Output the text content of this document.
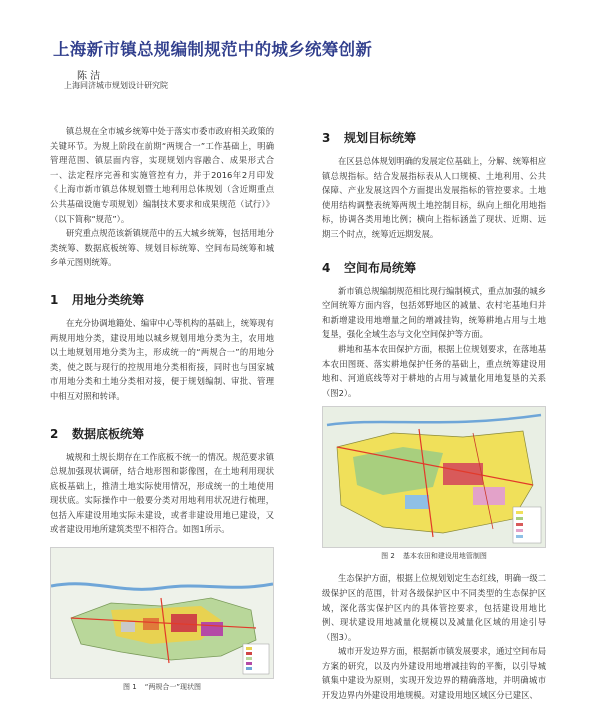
上海新市镇总规编制规范中的城乡统筹创新
陈 洁
上海同济城市规划设计研究院

镇总规在全市城乡统筹中处于落实市委市政府相关政策的关键环节。为规上阶段在前期“两规合一”工作基础上，明确管理范围、镇层面内容，实现规划内容融合、成果形式合一、法定程序完善和实施管控有力，并于2016年2月印发《上海市新市镇总体规划暨土地利用总体规划（含近期重点公共基础设施专项规划）编制技术要求和成果规范（试行）》（以下简称“规范”）。

研究重点规范该新镇规范中的五大城乡统筹，包括用地分类统筹、数据底板统筹、规划目标统筹、空间布局统筹和城乡单元图则统筹。

1 用地分类统筹

在充分协调地籍处、编审中心等机构的基础上，统筹现有两规用地分类，建设用地以城乡规划用地分类为主，农用地以土地规划用地分类为主，形成统一的“两规合一”的用地分类，使之既与现行的控规用地分类相衔接，同时也与国家城市用地分类和土地分类相对接，便于规划编制、审批、管理中相互对照和转译。

2 数据底板统筹

城规和土规长期存在工作底板不统一的情况。规范要求镇总规加强现状调研，结合地形图和影像图，在土地利用现状底板基础上，推清土地实际使用情况，形成统一的土地使用现状底。实际操作中一般要分类对用地利用状况进行梳理，包括入库建设用地实际未建设，或者非建设用地已建设，又或者建设用地所建筑类型不相符合。如图1所示。

图 1 “两规合一”现状图
3 规划目标统筹

在区县总体规划明确的发展定位基础上，分解、统筹相应镇总规指标。结合发展指标表从人口规模、土地利用、公共保障、产业发展这四个方面提出发展指标的管控要求。土地使用结构调整表统筹两规土地控制目标，纵向上细化用地指标，协调各类用地比例；横向上指标涵盖了现状、近期、远期三个时点，统筹近远期发展。

4 空间布局统筹

新市镇总规编制规范相比现行编制模式，重点加强的城乡空间统筹方面内容，包括郊野地区的减量、农村宅基地归并和新增建设用地增量之间的增减挂钩，统筹耕地占用与土地复垦，强化全域生态与文化空间保护等方面。

耕地和基本农田保护方面，根据上位规划要求，在落地基本农田图斑、落实耕地保护任务的基础上，重点统筹建设用地和、河道底线等对于耕地的占用与减量化用地复垦的关系（图2）。

图 2 基本农田和建设用地管制图

生态保护方面，根据上位规划划定生态红线，明确一级二级保护区的范围，针对各级保护区中不同类型的生态保护区域，深化落实保护区内的具体管控要求，包括建设用地比例、现状建设用地减量化规模以及减量化区域的用途引导（图3）。

城市开发边界方面，根据新市镇发展要求，通过空间布局方案的研究，以及内外建设用地增减挂钩的平衡，以引导城镇集中建设为原则，实现开发边界的精确落地，并明确城市开发边界内外建设用地规模。对建设用地区域区分已建区、
